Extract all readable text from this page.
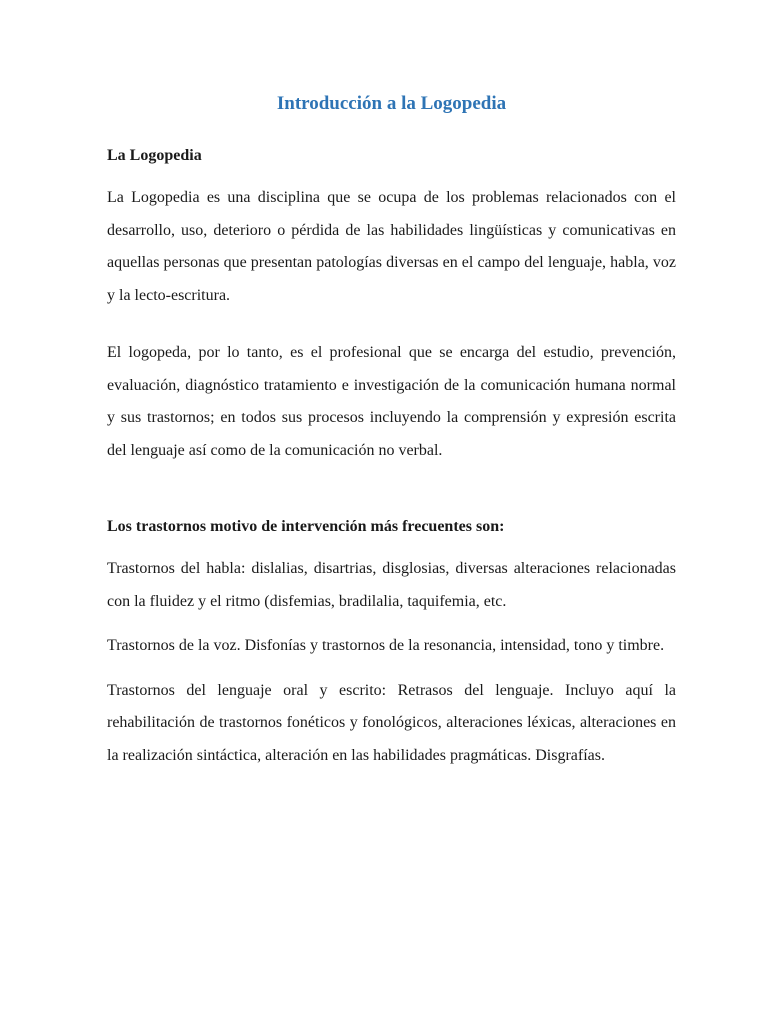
Introducción a la Logopedia
La Logopedia

La Logopedia es una disciplina que se ocupa de los problemas relacionados con el desarrollo, uso, deterioro o pérdida de las habilidades lingüísticas y comunicativas en aquellas personas que presentan patologías diversas en el campo del lenguaje, habla, voz y la lecto-escritura.

El logopeda, por lo tanto, es el profesional que se encarga del estudio, prevención, evaluación, diagnóstico tratamiento e investigación de la comunicación humana normal y sus trastornos; en todos sus procesos incluyendo la comprensión y expresión escrita del lenguaje así como de la comunicación no verbal.

Los trastornos motivo de intervención más frecuentes son:

Trastornos del habla: dislalias, disartrias, disglosias, diversas alteraciones relacionadas con la fluidez y el ritmo (disfemias, bradilalia, taquifemia, etc.

Trastornos de la voz. Disfonías y trastornos de la resonancia, intensidad, tono y timbre.

Trastornos del lenguaje oral y escrito: Retrasos del lenguaje. Incluyo aquí la rehabilitación de trastornos fonéticos y fonológicos, alteraciones léxicas, alteraciones en la realización sintáctica, alteración en las habilidades pragmáticas. Disgrafías.
